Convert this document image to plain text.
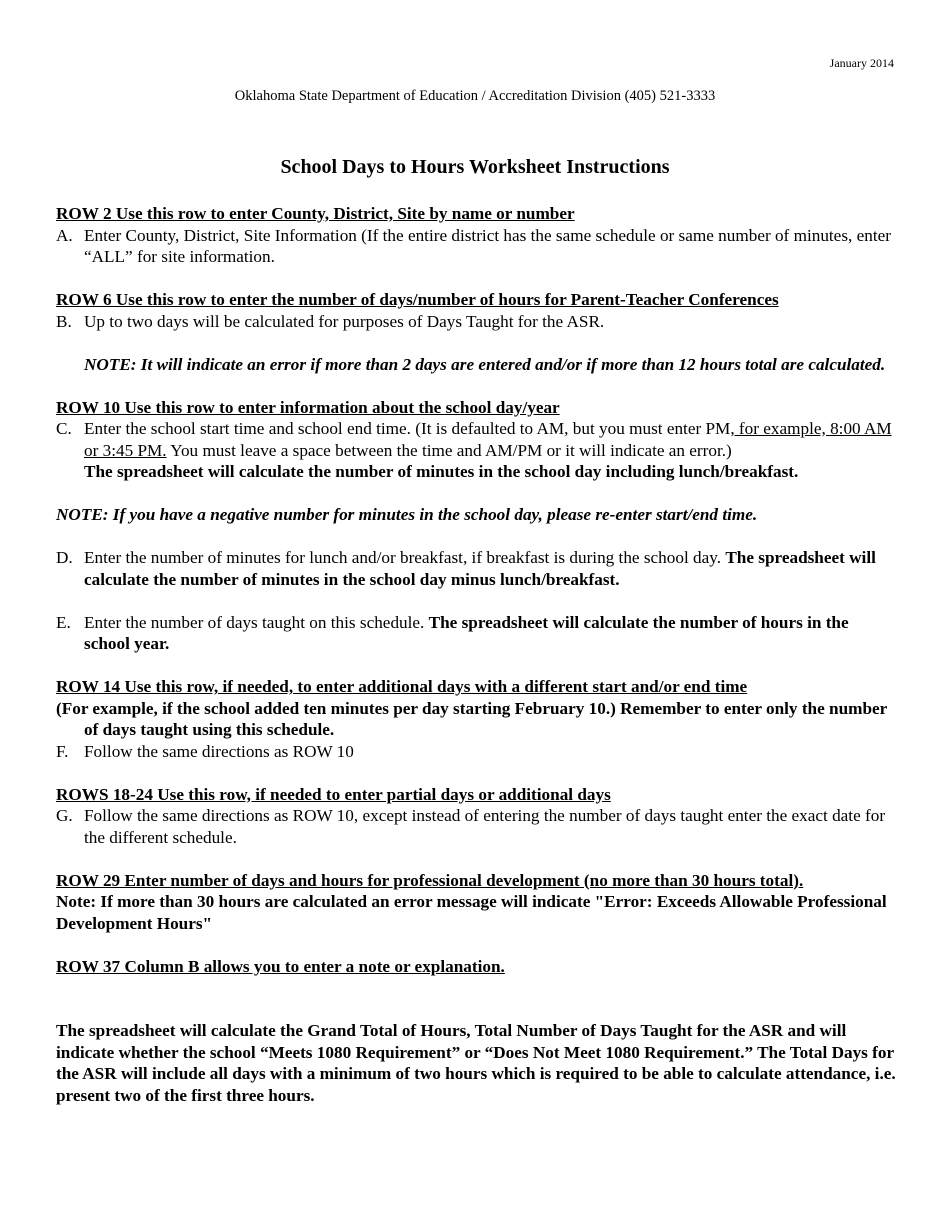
January 2014
Oklahoma State Department of Education / Accreditation Division (405) 521-3333
School Days to Hours Worksheet Instructions
ROW 2 Use this row to enter County, District, Site by name or number
A. Enter County, District, Site Information (If the entire district has the same schedule or same number of minutes, enter “ALL” for site information.
ROW 6 Use this row to enter the number of days/number of hours for Parent-Teacher Conferences
B. Up to two days will be calculated for purposes of Days Taught for the ASR.
NOTE: It will indicate an error if more than 2 days are entered and/or if more than 12 hours total are calculated.
ROW 10 Use this row to enter information about the school day/year
C. Enter the school start time and school end time. (It is defaulted to AM, but you must enter PM, for example, 8:00 AM or 3:45 PM. You must leave a space between the time and AM/PM or it will indicate an error.)
The spreadsheet will calculate the number of minutes in the school day including lunch/breakfast.
NOTE: If you have a negative number for minutes in the school day, please re-enter start/end time.
D. Enter the number of minutes for lunch and/or breakfast, if breakfast is during the school day. The spreadsheet will calculate the number of minutes in the school day minus lunch/breakfast.
E. Enter the number of days taught on this schedule. The spreadsheet will calculate the number of hours in the school year.
ROW 14 Use this row, if needed, to enter additional days with a different start and/or end time
(For example, if the school added ten minutes per day starting February 10.) Remember to enter only the number of days taught using this schedule.
F. Follow the same directions as ROW 10
ROWS 18-24 Use this row, if needed to enter partial days or additional days
G. Follow the same directions as ROW 10, except instead of entering the number of days taught enter the exact date for the different schedule.
ROW 29 Enter number of days and hours for professional development (no more than 30 hours total).
Note: If more than 30 hours are calculated an error message will indicate "Error: Exceeds Allowable Professional Development Hours"
ROW 37 Column B allows you to enter a note or explanation.
The spreadsheet will calculate the Grand Total of Hours, Total Number of Days Taught for the ASR and will indicate whether the school “Meets 1080 Requirement” or “Does Not Meet 1080 Requirement.” The Total Days for the ASR will include all days with a minimum of two hours which is required to be able to calculate attendance, i.e. present two of the first three hours.
